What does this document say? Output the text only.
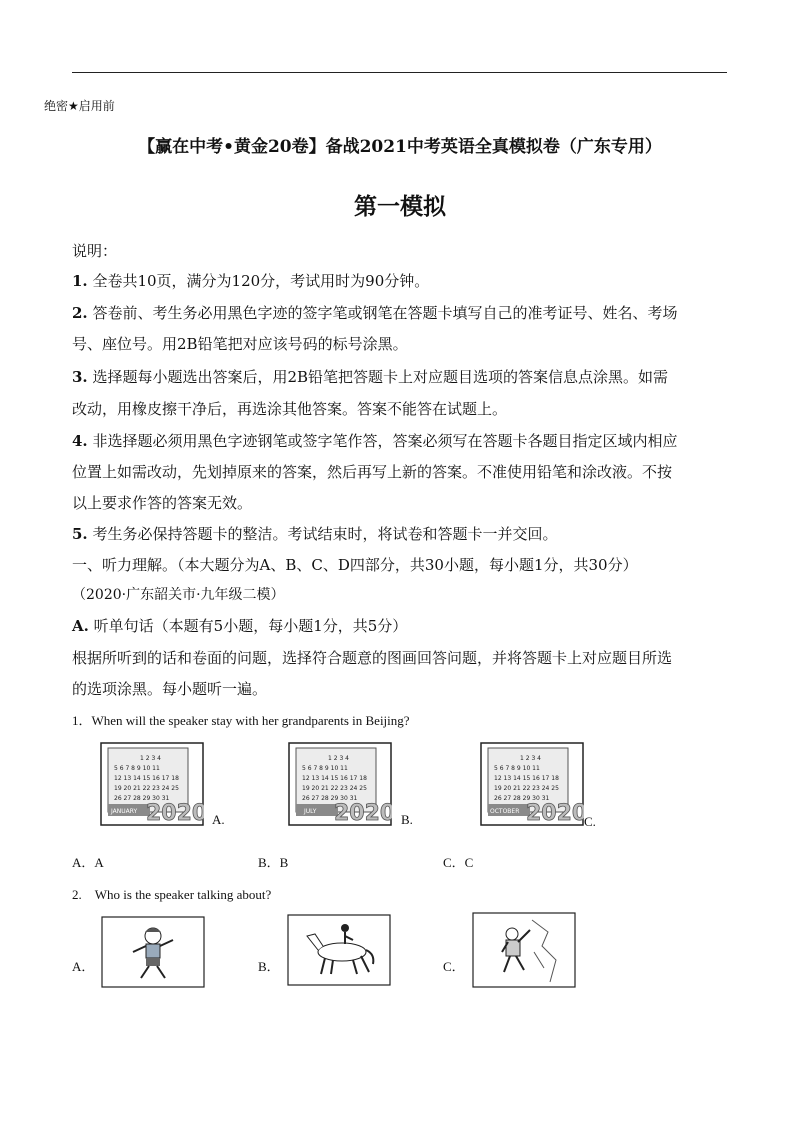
绝密★启用前
【赢在中考•黄金20卷】备战2021中考英语全真模拟卷（广东专用）
第一模拟
说明：
1. 全卷共10页，满分为120分，考试用时为90分钟。
2. 答卷前、考生务必用黑色字迹的签字笔或钢笔在答题卡填写自己的准考证号、姓名、考场
号、座位号。用2B铅笔把对应该号码的标号涂黑。
3. 选择题每小题选出答案后，用2B铅笔把答题卡上对应题目选项的答案信息点涂黑。如需
改动，用橡皮擦干净后，再选涂其他答案。答案不能答在试题上。
4. 非选择题必须用黑色字迹钢笔或签字笔作答，答案必须写在答题卡各题目指定区域内相应
位置上如需改动，先划掉原来的答案，然后再写上新的答案。不准使用铅笔和涂改液。不按
以上要求作答的答案无效。
5. 考生务必保持答题卡的整洁。考试结束时，将试卷和答题卡一并交回。
一、听力理解。（本大题分为A、B、C、D四部分，共30小题，每小题1分，共30分）
（2020·广东韶关市·九年级二模）
A. 听单句话（本题有5小题，每小题1分，共5分）
根据所听到的话和卷面的问题，选择符合题意的图画回答问题，并将答题卡上对应题目所选
的选项涂黑。每小题听一遍。
1．When will the speaker stay with her grandparents in Beijing?
1 2 3 4
5 6 7 8 9 10 11
12 13 14 15 16 17 18
19 20 21 22 23 24 25
26 27 28 29 30 31
JANUARY 2020 A.
1 2 3 4
5 6 7 8 9 10 11
12 13 14 15 16 17 18
19 20 21 22 23 24 25
26 27 28 29 30 31
JULY 2020 B.
1 2 3 4
5 6 7 8 9 10 11
12 13 14 15 16 17 18
19 20 21 22 23 24 25
26 27 28 29 30 31
OCTOBER 2020
C.
A．A	B．B	C．C
2.　Who is the speaker talking about?
A．	B．	C．
